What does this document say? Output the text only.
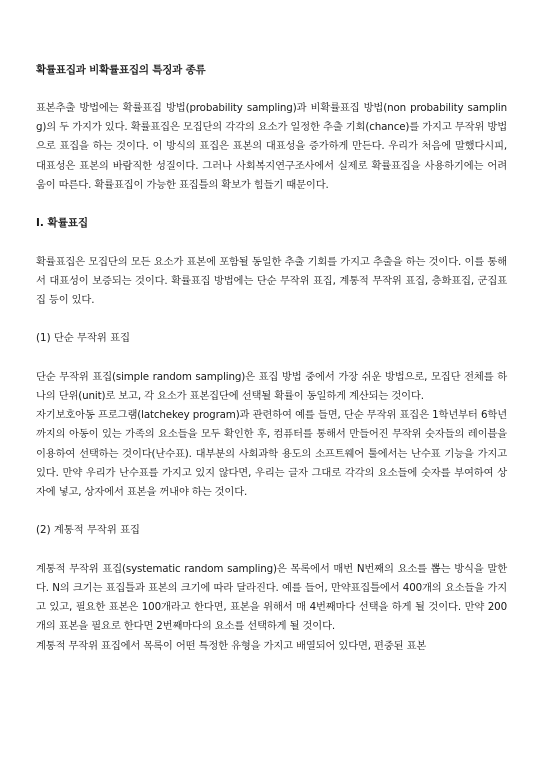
확률표집과 비확률표집의 특징과 종류

표본추출 방법에는 확률표집 방법(probability sampling)과 비확률표집 방법(non probability sampling)의 두 가지가 있다. 확률표집은 모집단의 각각의 요소가 일정한 추출 기회(chance)를 가지고 무작위 방법으로 표집을 하는 것이다. 이 방식의 표집은 표본의 대표성을 증가하게 만든다. 우리가 처음에 말했다시피, 대표성은 표본의 바람직한 성질이다. 그러나 사회복지연구조사에서 실제로 확률표집을 사용하기에는 어려움이 따른다. 확률표집이 가능한 표집틀의 확보가 힘들기 때문이다.

I. 확률표집

확률표집은 모집단의 모든 요소가 표본에 포함될 동일한 추출 기회를 가지고 추출을 하는 것이다. 이를 통해서 대표성이 보증되는 것이다. 확률표집 방법에는 단순 무작위 표집, 계통적 무작위 표집, 층화표집, 군집표집 등이 있다.

(1) 단순 무작위 표집

단순 무작위 표집(simple random sampling)은 표집 방법 중에서 가장 쉬운 방법으로, 모집단 전체를 하나의 단위(unit)로 보고, 각 요소가 표본집단에 선택될 확률이 동일하게 계산되는 것이다.

자기보호아동 프로그램(latchekey program)과 관련하여 예를 들면, 단순 무작위 표집은 1학년부터 6학년까지의 아동이 있는 가족의 요소들을 모두 확인한 후, 컴퓨터를 통해서 만들어진 무작위 숫자들의 레이블을 이용하여 선택하는 것이다(난수표). 대부분의 사회과학 용도의 소프트웨어 툴에서는 난수표 기능을 가지고 있다. 만약 우리가 난수표를 가지고 있지 않다면, 우리는 글자 그대로 각각의 요소들에 숫자를 부여하여 상자에 넣고, 상자에서 표본을 꺼내야 하는 것이다.

(2) 계통적 무작위 표집

계통적 무작위 표집(systematic random sampling)은 목록에서 매번 N번째의 요소를 뽑는 방식을 말한다. N의 크기는 표집틀과 표본의 크기에 따라 달라진다. 예를 들어, 만약표집틀에서 400개의 요소들을 가지고 있고, 필요한 표본은 100개라고 한다면, 표본을 위해서 매 4번째마다 선택을 하게 될 것이다. 만약 200개의 표본을 필요로 한다면 2번째마다의 요소를 선택하게 될 것이다.

계통적 무작위 표집에서 목록이 어떤 특정한 유형을 가지고 배열되어 있다면, 편중된 표본
